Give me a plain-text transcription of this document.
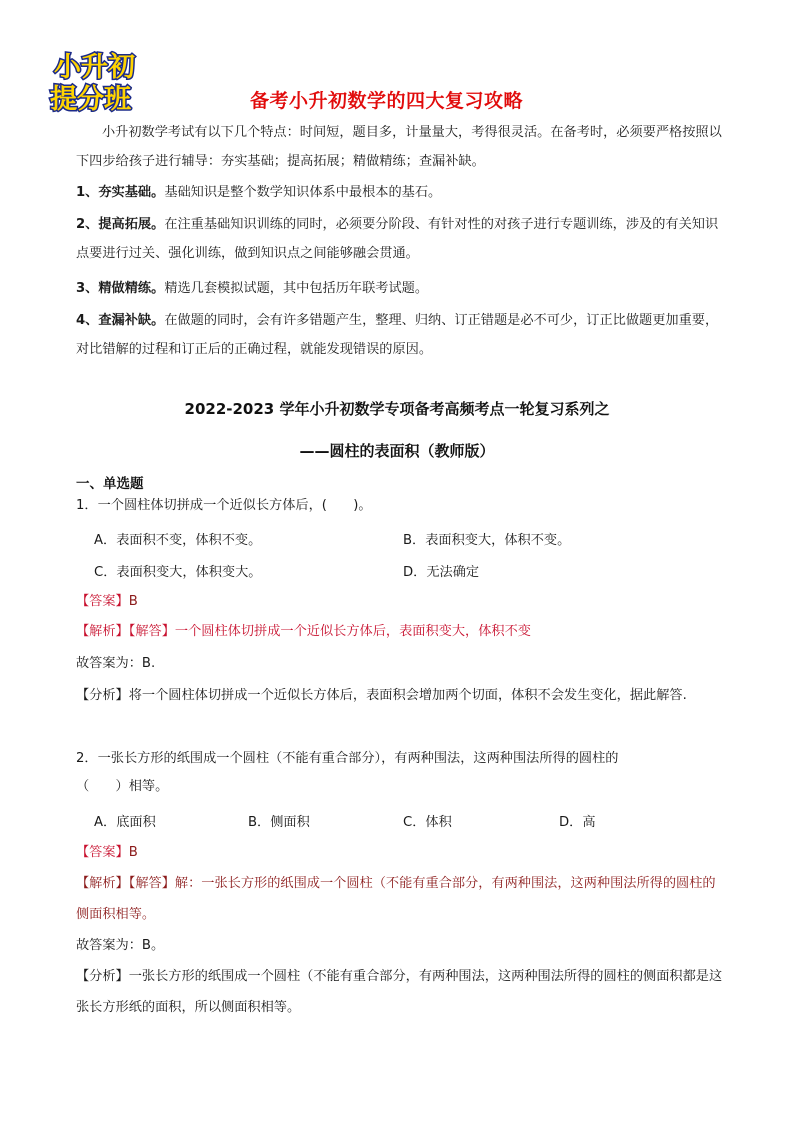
小升初
提分班	备考小升初数学的四大复习攻略
小升初数学考试有以下几个特点：时间短，题目多，计量量大，考得很灵活。在备考时，必须要严格按照以下四步给孩子进行辅导：夯实基础；提高拓展；精做精练；查漏补缺。
1、夯实基础。基础知识是整个数学知识体系中最根本的基石。
2、提高拓展。在注重基础知识训练的同时，必须要分阶段、有针对性的对孩子进行专题训练，涉及的有关知识点要进行过关、强化训练，做到知识点之间能够融会贯通。
3、精做精练。精选几套模拟试题，其中包括历年联考试题。
4、查漏补缺。在做题的同时，会有许多错题产生，整理、归纳、订正错题是必不可少，订正比做题更加重要，对比错解的过程和订正后的正确过程，就能发现错误的原因。
2022-2023 学年小升初数学专项备考高频考点一轮复习系列之
——圆柱的表面积（教师版）
一、单选题
1．一个圆柱体切拼成一个近似长方体后，(　　)。
A．表面积不变，体积不变。	B．表面积变大，体积不变。
C．表面积变大，体积变大。	D．无法确定
【答案】B
【解析】【解答】一个圆柱体切拼成一个近似长方体后，表面积变大，体积不变
故答案为：B.
【分析】将一个圆柱体切拼成一个近似长方体后，表面积会增加两个切面，体积不会发生变化，据此解答.
2．一张长方形的纸围成一个圆柱（不能有重合部分），有两种围法，这两种围法所得的圆柱的
（　　）相等。
A．底面积	B．侧面积	C．体积	D．高
【答案】B
【解析】【解答】解：一张长方形的纸围成一个圆柱（不能有重合部分，有两种围法，这两种围法所得的圆柱的侧面积相等。
故答案为：B。
【分析】一张长方形的纸围成一个圆柱（不能有重合部分，有两种围法，这两种围法所得的圆柱的侧面积都是这张长方形纸的面积，所以侧面积相等。
